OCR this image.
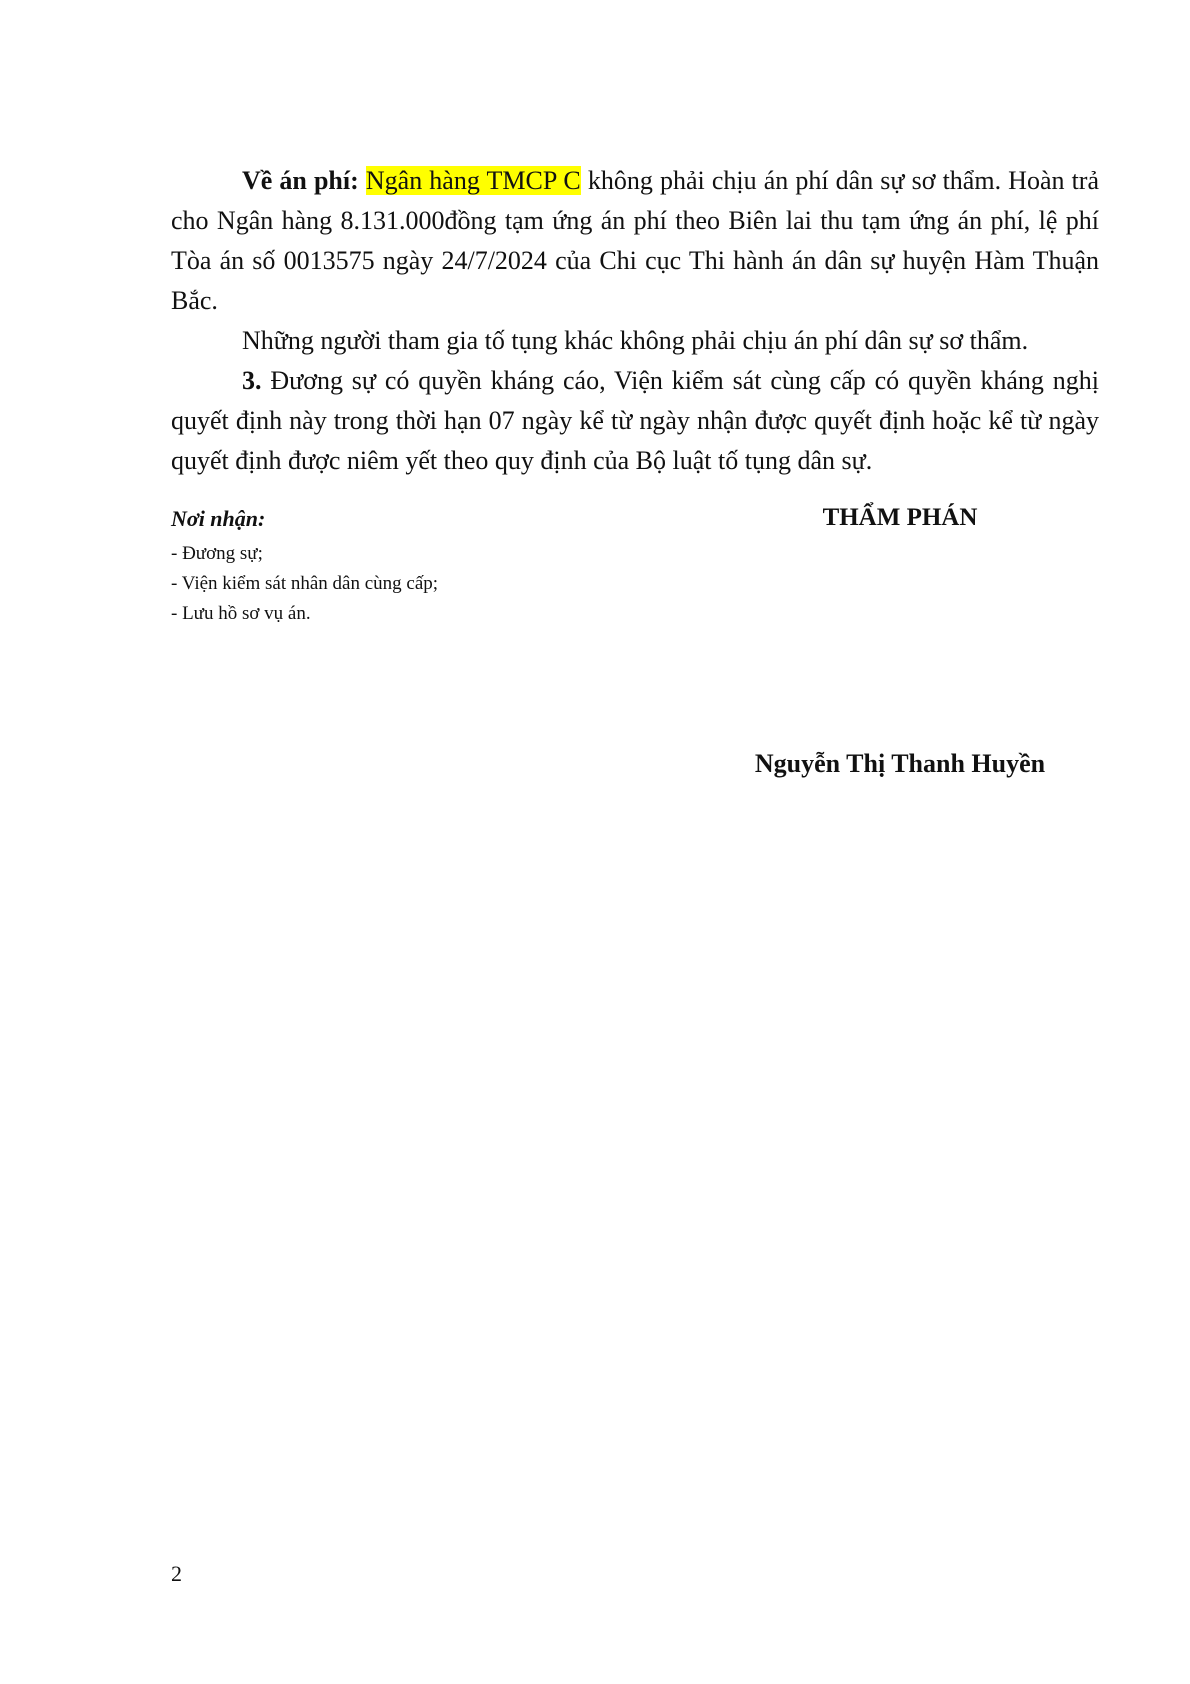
Về án phí: Ngân hàng TMCP C không phải chịu án phí dân sự sơ thẩm. Hoàn trả cho Ngân hàng 8.131.000đồng tạm ứng án phí theo Biên lai thu tạm ứng án phí, lệ phí Tòa án số 0013575 ngày 24/7/2024 của Chi cục Thi hành án dân sự huyện Hàm Thuận Bắc.

Những người tham gia tố tụng khác không phải chịu án phí dân sự sơ thẩm.

3. Đương sự có quyền kháng cáo, Viện kiểm sát cùng cấp có quyền kháng nghị quyết định này trong thời hạn 07 ngày kể từ ngày nhận được quyết định hoặc kể từ ngày quyết định được niêm yết theo quy định của Bộ luật tố tụng dân sự.

Nơi nhận:
- Đương sự;
- Viện kiểm sát nhân dân cùng cấp;
- Lưu hồ sơ vụ án.
THẨM PHÁN
Nguyễn Thị Thanh Huyền
2
